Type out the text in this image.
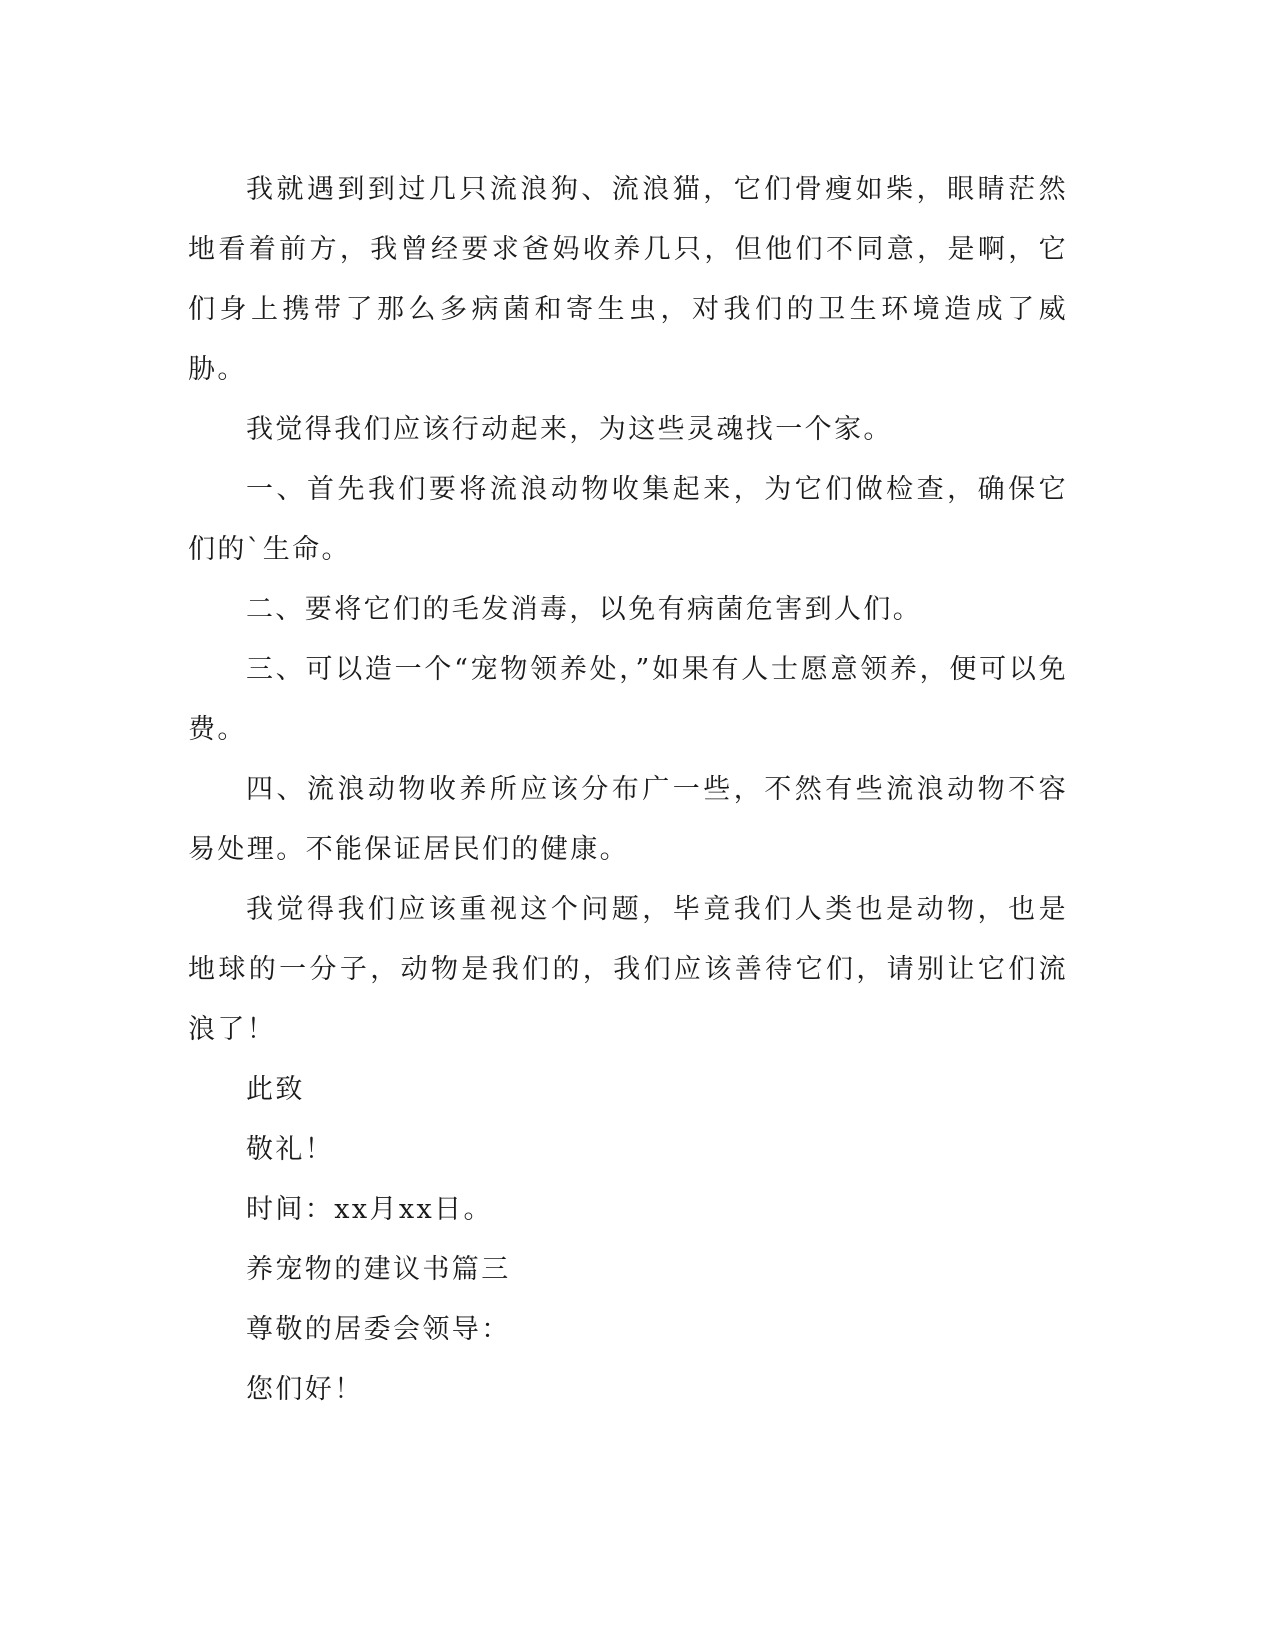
我就遇到到过几只流浪狗、流浪猫，它们骨瘦如柴，眼睛茫然地看着前方，我曾经要求爸妈收养几只，但他们不同意，是啊，它们身上携带了那么多病菌和寄生虫，对我们的卫生环境造成了威胁。

我觉得我们应该行动起来，为这些灵魂找一个家。

一、首先我们要将流浪动物收集起来，为它们做检查，确保它们的`生命。

二、要将它们的毛发消毒，以免有病菌危害到人们。

三、可以造一个“宠物领养处，”如果有人士愿意领养，便可以免费。

四、流浪动物收养所应该分布广一些，不然有些流浪动物不容易处理。不能保证居民们的健康。

我觉得我们应该重视这个问题，毕竟我们人类也是动物，也是地球的一分子，动物是我们的，我们应该善待它们，请别让它们流浪了！

此致

敬礼！

时间：xx月xx日。

养宠物的建议书篇三

尊敬的居委会领导：

您们好！
